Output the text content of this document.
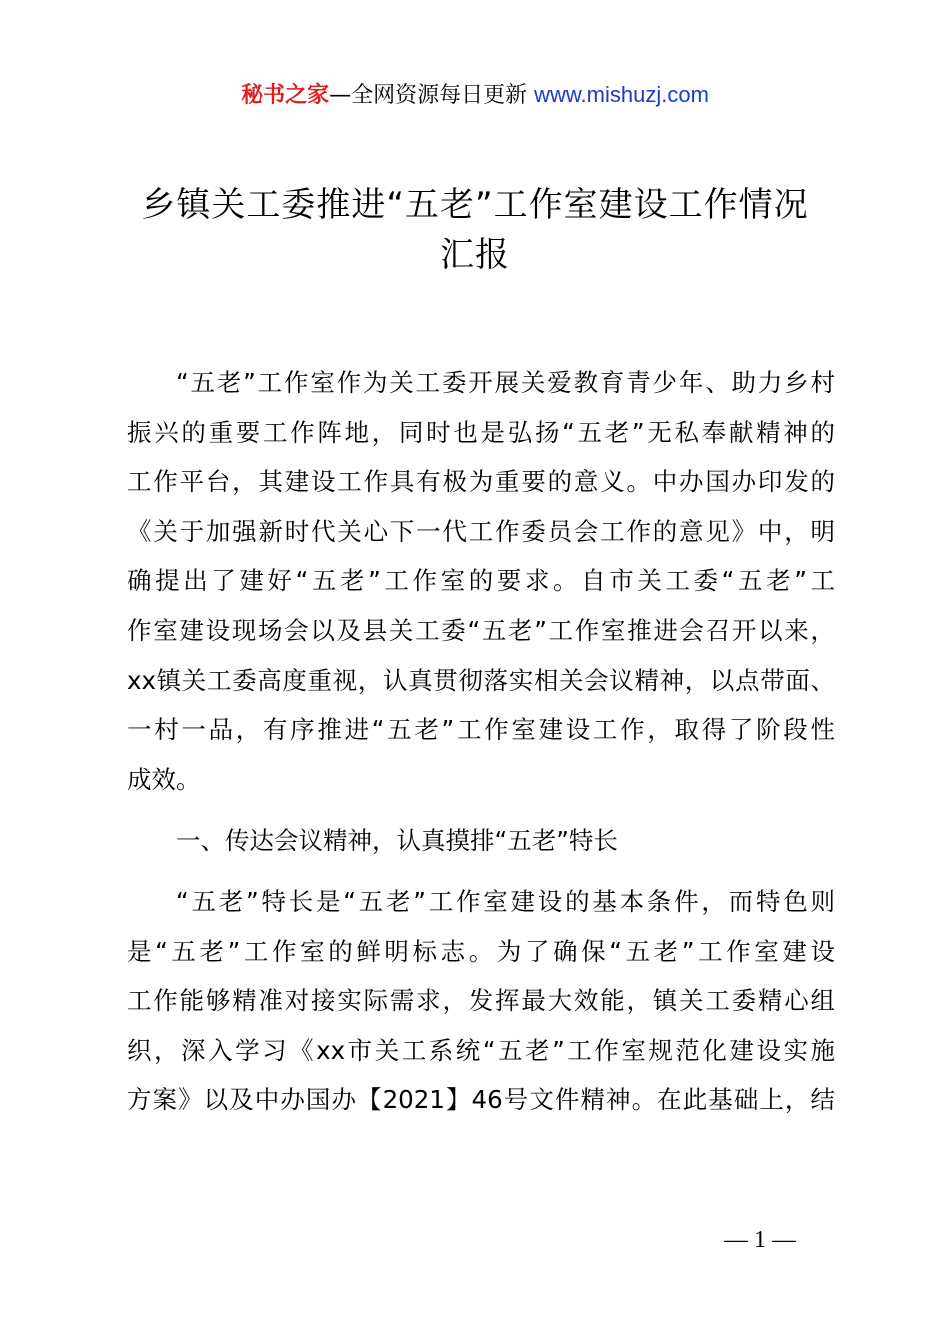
秘书之家—全网资源每日更新 www.mishuzj.com
乡镇关工委推进“五老”工作室建设工作情况
汇报
“五老”工作室作为关工委开展关爱教育青少年、助力乡村
振兴的重要工作阵地，同时也是弘扬“五老”无私奉献精神的
工作平台，其建设工作具有极为重要的意义。中办国办印发的
《关于加强新时代关心下一代工作委员会工作的意见》中，明
确提出了建好“五老”工作室的要求。自市关工委“五老”工
作室建设现场会以及县关工委“五老”工作室推进会召开以来，
xx镇关工委高度重视，认真贯彻落实相关会议精神，以点带面、
一村一品，有序推进“五老”工作室建设工作，取得了阶段性
成效。
一、传达会议精神，认真摸排“五老”特长
“五老”特长是“五老”工作室建设的基本条件，而特色则
是“五老”工作室的鲜明标志。为了确保“五老”工作室建设
工作能够精准对接实际需求，发挥最大效能，镇关工委精心组
织，深入学习《xx市关工系统“五老”工作室规范化建设实施
方案》以及中办国办【2021】46号文件精神。在此基础上，结
— 1 —
